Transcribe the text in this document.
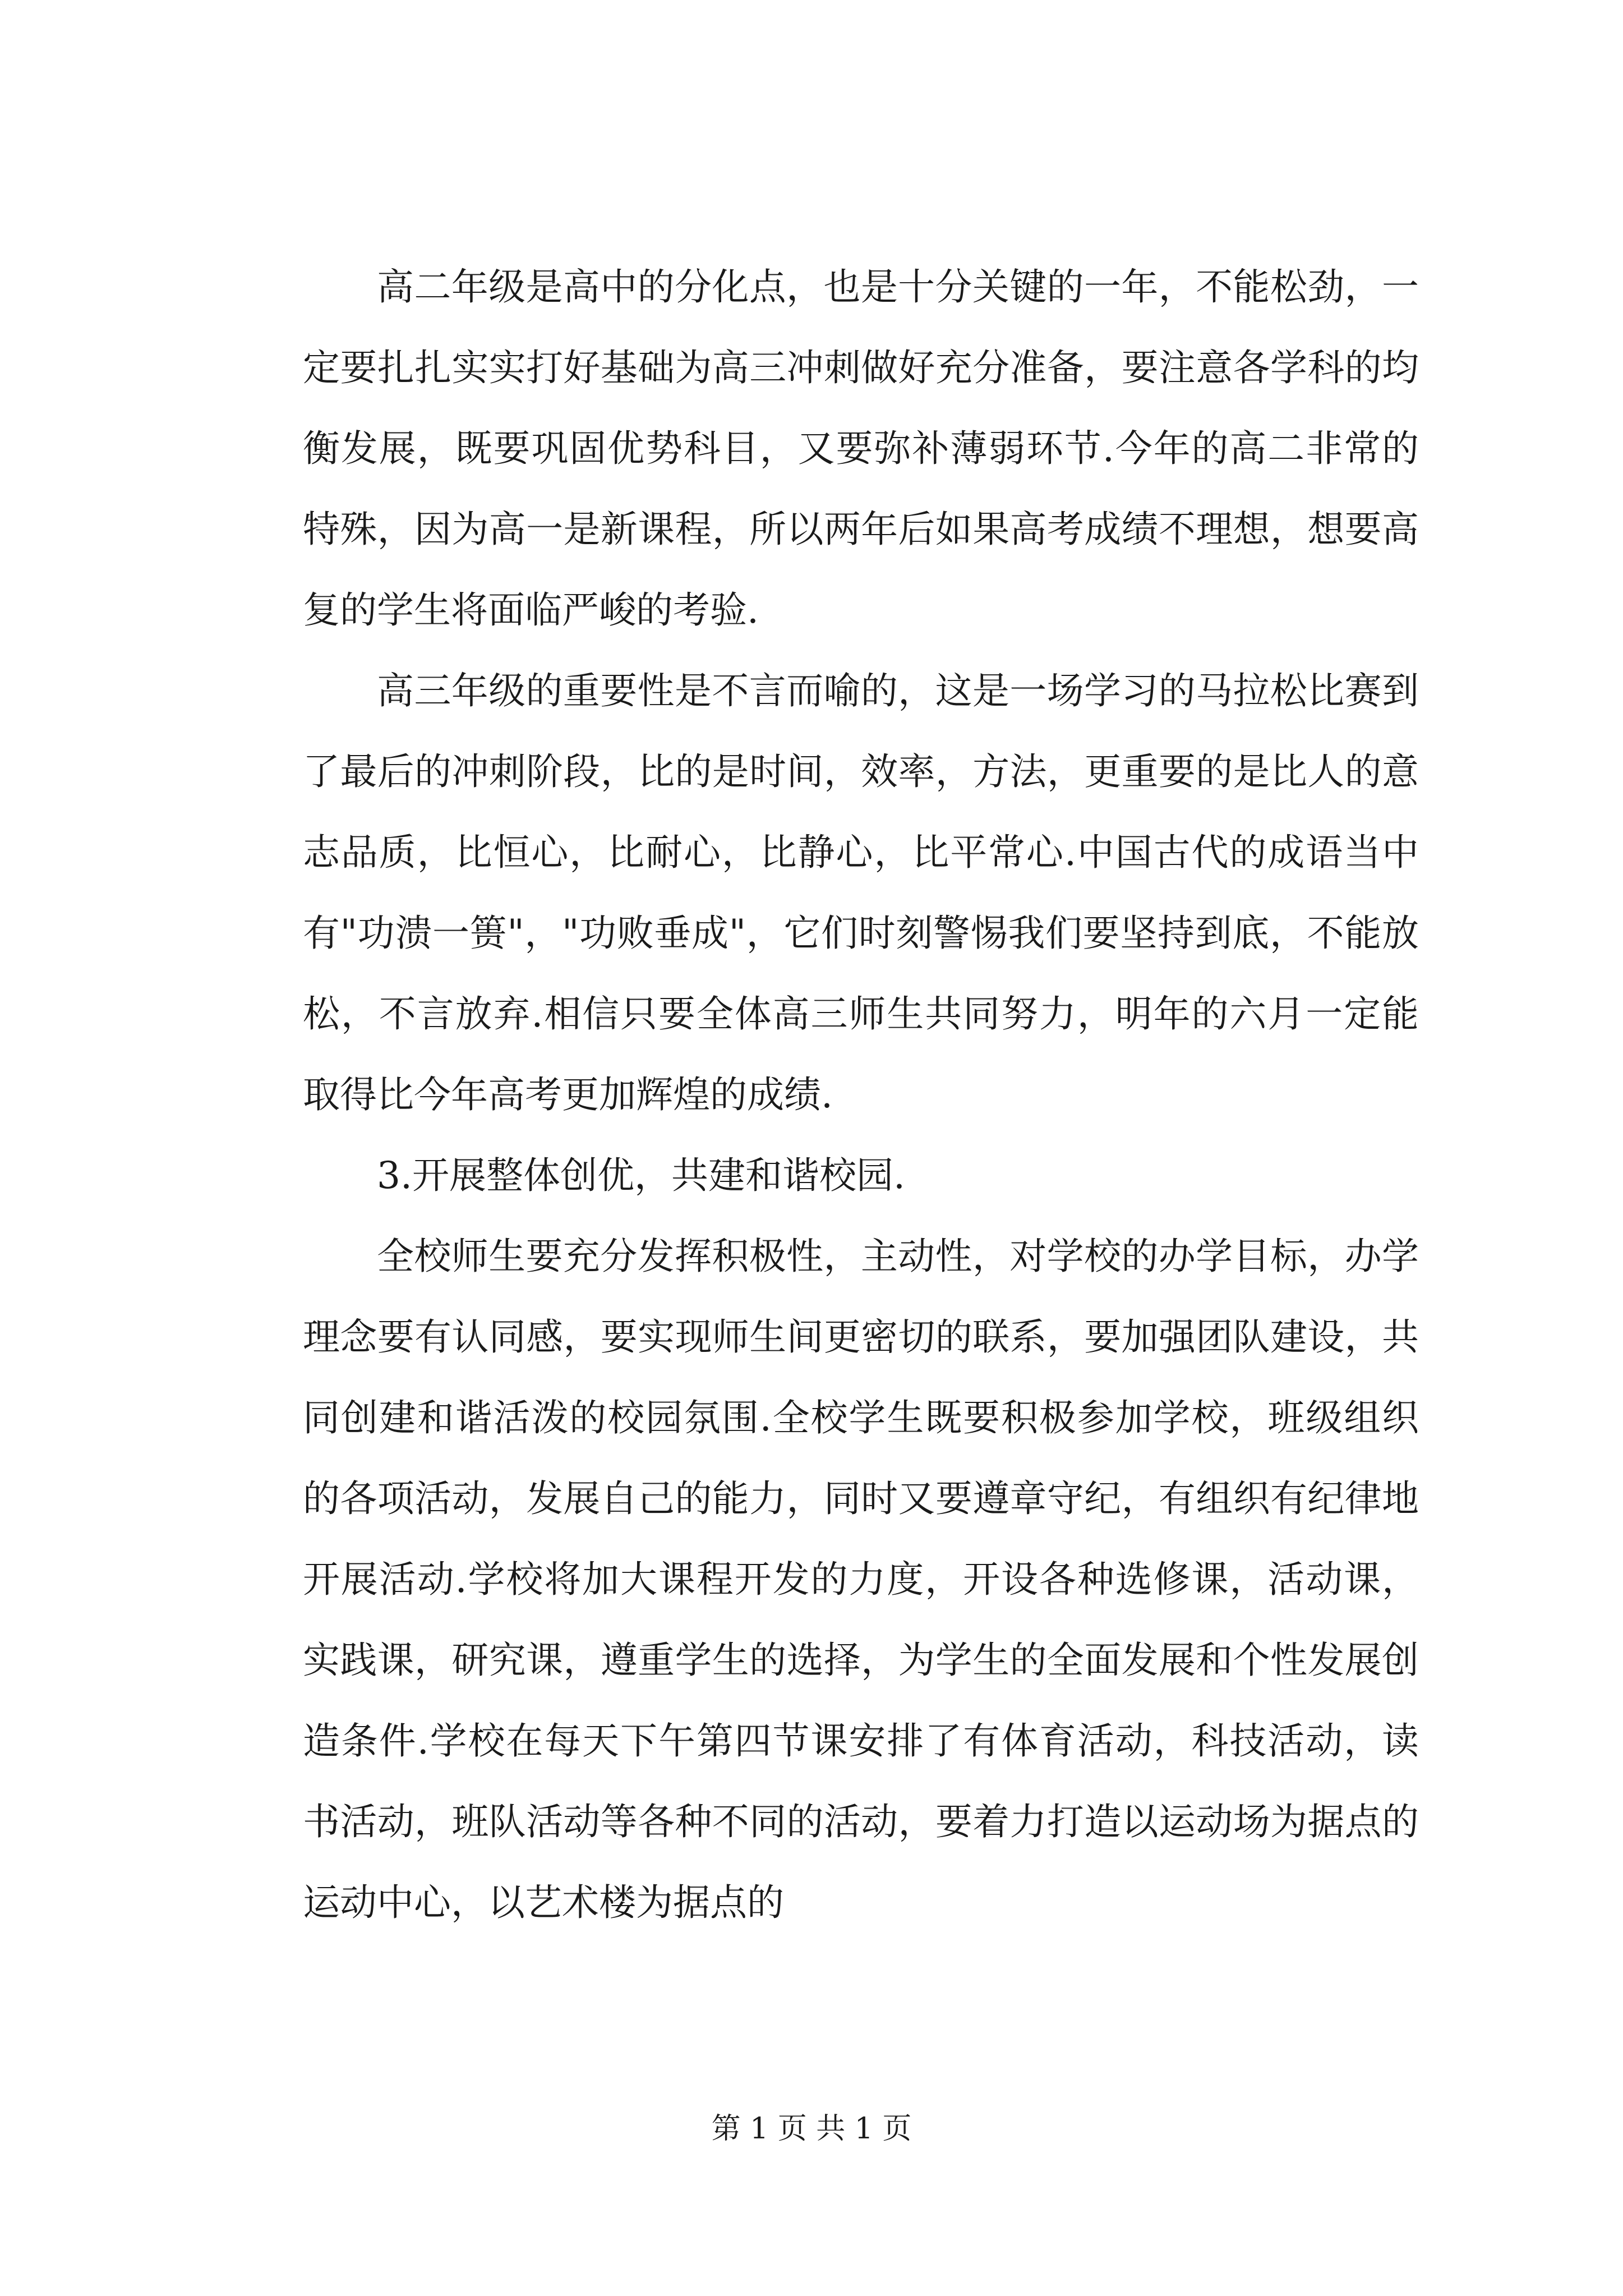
高二年级是高中的分化点，也是十分关键的一年，不能松劲，一定要扎扎实实打好基础为高三冲刺做好充分准备，要注意各学科的均衡发展，既要巩固优势科目，又要弥补薄弱环节.今年的高二非常的特殊，因为高一是新课程，所以两年后如果高考成绩不理想，想要高复的学生将面临严峻的考验.

高三年级的重要性是不言而喻的，这是一场学习的马拉松比赛到了最后的冲刺阶段，比的是时间，效率，方法，更重要的是比人的意志品质，比恒心，比耐心，比静心，比平常心.中国古代的成语当中有"功溃一篑"，"功败垂成"，它们时刻警惕我们要坚持到底，不能放松，不言放弃.相信只要全体高三师生共同努力，明年的六月一定能取得比今年高考更加辉煌的成绩.

3.开展整体创优，共建和谐校园.

全校师生要充分发挥积极性，主动性，对学校的办学目标，办学理念要有认同感，要实现师生间更密切的联系，要加强团队建设，共同创建和谐活泼的校园氛围.全校学生既要积极参加学校，班级组织的各项活动，发展自己的能力，同时又要遵章守纪，有组织有纪律地开展活动.学校将加大课程开发的力度，开设各种选修课，活动课，实践课，研究课，遵重学生的选择，为学生的全面发展和个性发展创造条件.学校在每天下午第四节课安排了有体育活动，科技活动，读书活动，班队活动等各种不同的活动，要着力打造以运动场为据点的运动中心，以艺术楼为据点的

第 1 页 共 1 页
